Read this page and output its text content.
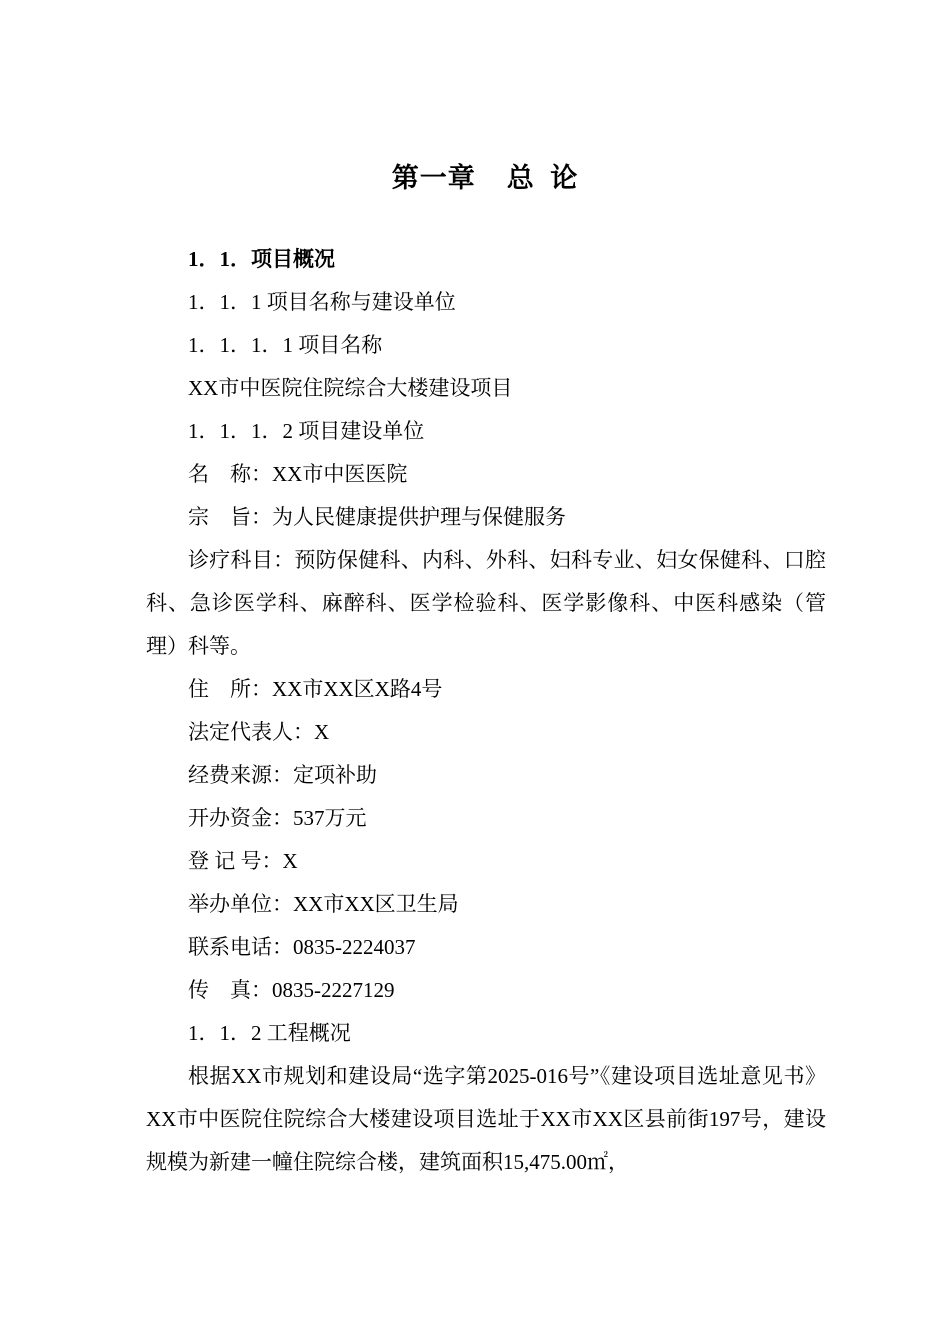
第一章    总  论

1．1．项目概况

1．1．1 项目名称与建设单位

1．1．1．1 项目名称

XX市中医院住院综合大楼建设项目

1．1．1．2 项目建设单位

名    称：XX市中医医院

宗    旨：为人民健康提供护理与保健服务

诊疗科目：预防保健科、内科、外科、妇科专业、妇女保健科、口腔科、急诊医学科、麻醉科、医学检验科、医学影像科、中医科感染（管理）科等。

住    所：XX市XX区X路4号

法定代表人：X

经费来源：定项补助

开办资金：537万元

登 记 号：X

举办单位：XX市XX区卫生局

联系电话：0835-2224037

传    真：0835-2227129

1．1．2 工程概况

根据XX市规划和建设局“选字第2025-016号”《建设项目选址意见书》XX市中医院住院综合大楼建设项目选址于XX市XX区县前街197号，建设规模为新建一幢住院综合楼，建筑面积15,475.00㎡，
